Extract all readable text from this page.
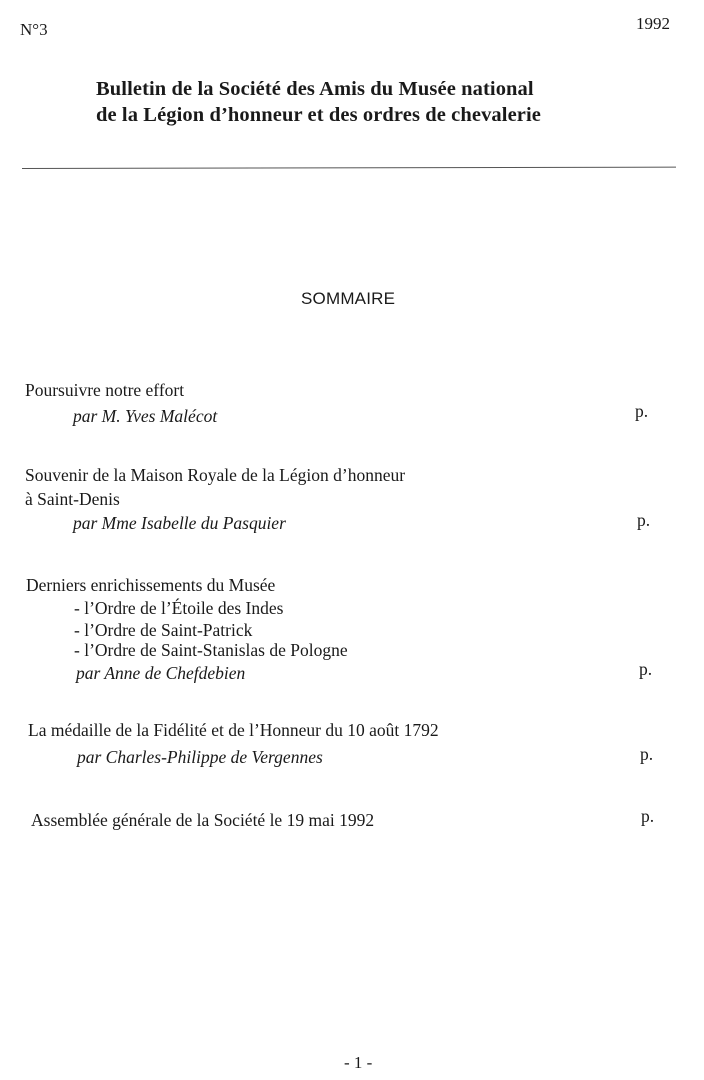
N°3	1992
Bulletin de la Société des Amis du Musée national
de la Légion d’honneur et des ordres de chevalerie
SOMMAIRE
Poursuivre notre effort
par M. Yves Malécot	p.
Souvenir de la Maison Royale de la Légion d’honneur
à Saint-Denis
par Mme Isabelle du Pasquier	p.
Derniers enrichissements du Musée
- l’Ordre de l’Étoile des Indes
- l’Ordre de Saint-Patrick
- l’Ordre de Saint-Stanislas de Pologne
par Anne de Chefdebien	p.
La médaille de la Fidélité et de l’Honneur du 10 août 1792
par Charles-Philippe de Vergennes	p.
Assemblée générale de la Société le 19 mai 1992	p.
- 1 -
